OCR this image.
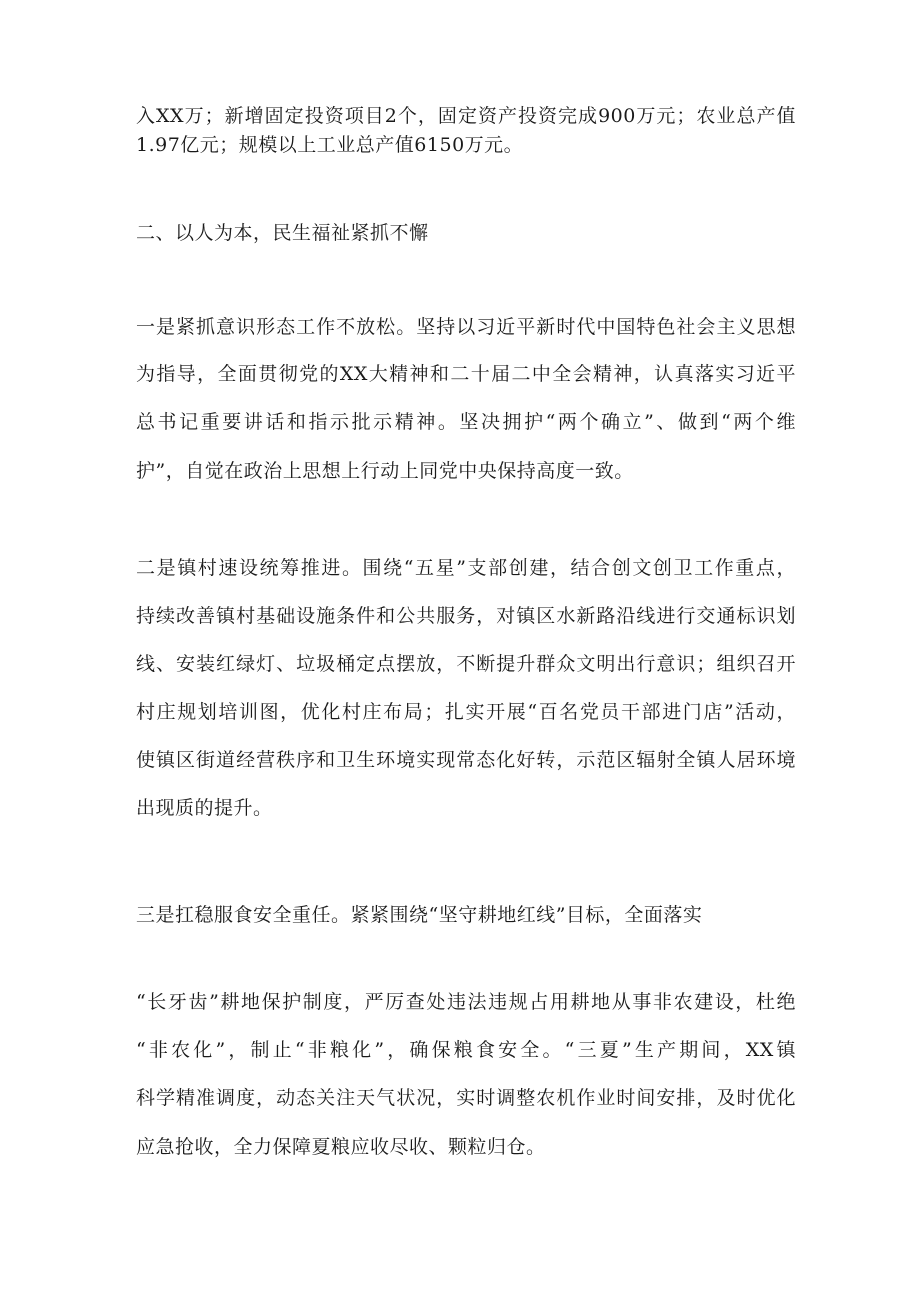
入XX万；新增固定投资项目2个，固定资产投资完成900万元；农业总产值
1.97亿元；规模以上工业总产值6150万元。
二、以人为本，民生福祉紧抓不懈
一是紧抓意识形态工作不放松。坚持以习近平新时代中国特色社会主义思想
为指导，全面贯彻党的XX大精神和二十届二中全会精神，认真落实习近平
总书记重要讲话和指示批示精神。坚决拥护“两个确立”、做到“两个维
护”，自觉在政治上思想上行动上同党中央保持高度一致。
二是镇村速设统筹推进。围绕“五星”支部创建，结合创文创卫工作重点，
持续改善镇村基础设施条件和公共服务，对镇区水新路沿线进行交通标识划
线、安装红绿灯、垃圾桶定点摆放，不断提升群众文明出行意识；组织召开
村庄规划培训图，优化村庄布局；扎实开展“百名党员干部进门店”活动，
使镇区街道经营秩序和卫生环境实现常态化好转，示范区辐射全镇人居环境
出现质的提升。
三是扛稳服食安全重任。紧紧围绕“坚守耕地红线”目标，全面落实
“长牙齿”耕地保护制度，严厉查处违法违规占用耕地从事非农建设，杜绝
“非农化”，制止“非粮化”，确保粮食安全。“三夏”生产期间，XX镇
科学精准调度，动态关注天气状况，实时调整农机作业时间安排，及时优化
应急抢收，全力保障夏粮应收尽收、颗粒归仓。
